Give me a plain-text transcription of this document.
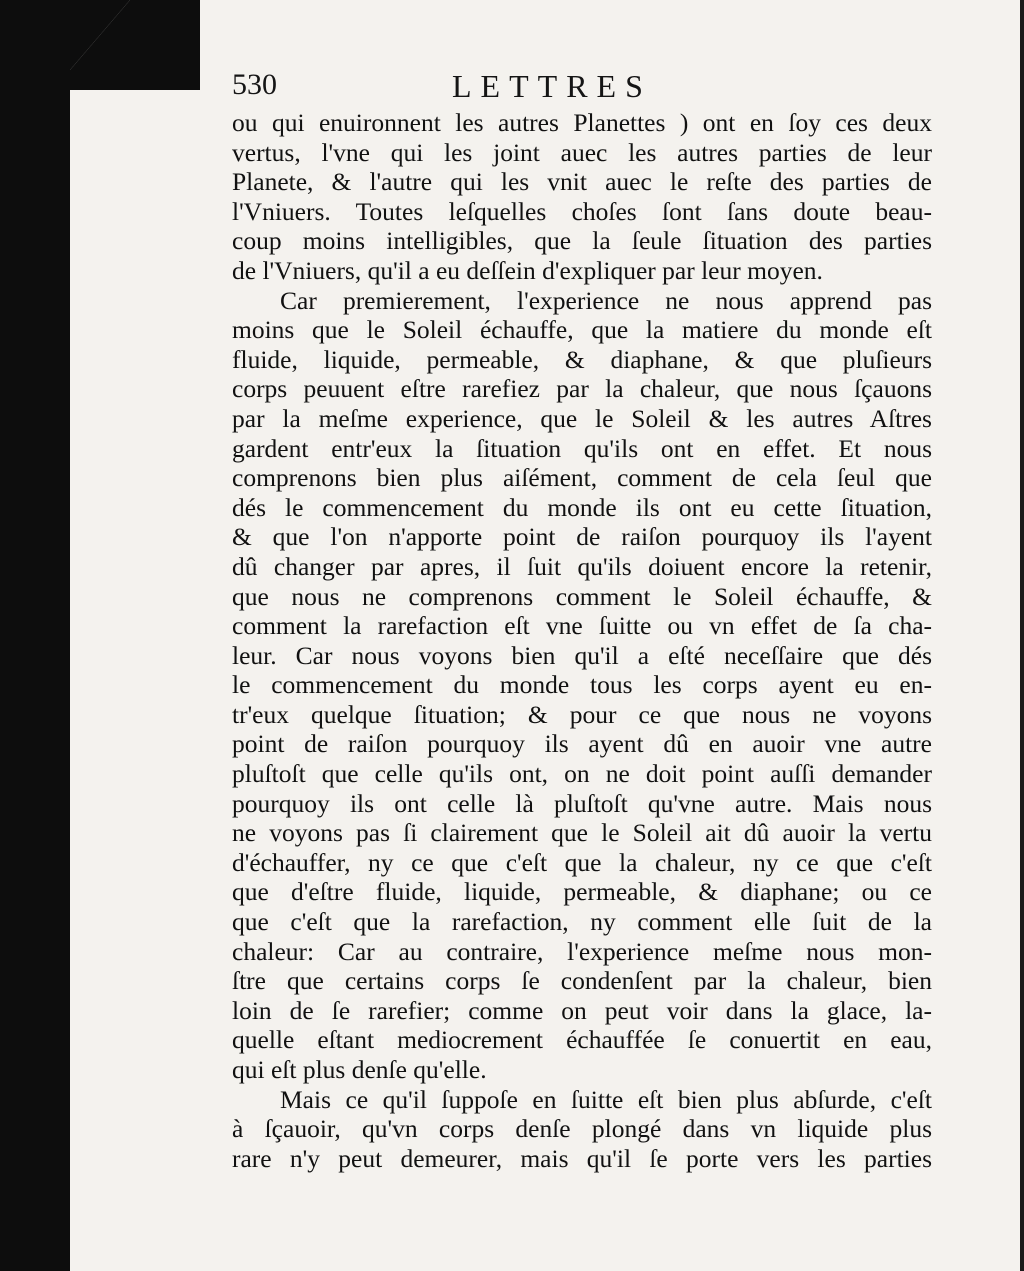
530	LETTRES
ou qui enuironnent les autres Planettes ) ont en ſoy ces deux
vertus, l'vne qui les joint auec les autres parties de leur
Planete, & l'autre qui les vnit auec le reſte des parties de
l'Vniuers. Toutes leſquelles choſes ſont ſans doute beau-
coup moins intelligibles, que la ſeule ſituation des parties
de l'Vniuers, qu'il a eu deſſein d'expliquer par leur moyen.
Car premierement, l'experience ne nous apprend pas
moins que le Soleil échauffe, que la matiere du monde eſt
fluide, liquide, permeable, & diaphane, & que pluſieurs
corps peuuent eſtre rarefiez par la chaleur, que nous ſçauons
par la meſme experience, que le Soleil & les autres Aſtres
gardent entr'eux la ſituation qu'ils ont en effet. Et nous
comprenons bien plus aiſément, comment de cela ſeul que
dés le commencement du monde ils ont eu cette ſituation,
& que l'on n'apporte point de raiſon pourquoy ils l'ayent
dû changer par apres, il ſuit qu'ils doiuent encore la retenir,
que nous ne comprenons comment le Soleil échauffe, &
comment la rarefaction eſt vne ſuitte ou vn effet de ſa cha-
leur. Car nous voyons bien qu'il a eſté neceſſaire que dés
le commencement du monde tous les corps ayent eu en-
tr'eux quelque ſituation; & pour ce que nous ne voyons
point de raiſon pourquoy ils ayent dû en auoir vne autre
pluſtoſt que celle qu'ils ont, on ne doit point auſſi demander
pourquoy ils ont celle là pluſtoſt qu'vne autre. Mais nous
ne voyons pas ſi clairement que le Soleil ait dû auoir la vertu
d'échauffer, ny ce que c'eſt que la chaleur, ny ce que c'eſt
que d'eſtre fluide, liquide, permeable, & diaphane; ou ce
que c'eſt que la rarefaction, ny comment elle ſuit de la
chaleur: Car au contraire, l'experience meſme nous mon-
ſtre que certains corps ſe condenſent par la chaleur, bien
loin de ſe rarefier; comme on peut voir dans la glace, la-
quelle eſtant mediocrement échauffée ſe conuertit en eau,
qui eſt plus denſe qu'elle.
Mais ce qu'il ſuppoſe en ſuitte eſt bien plus abſurde, c'eſt
à ſçauoir, qu'vn corps denſe plongé dans vn liquide plus
rare n'y peut demeurer, mais qu'il ſe porte vers les parties
